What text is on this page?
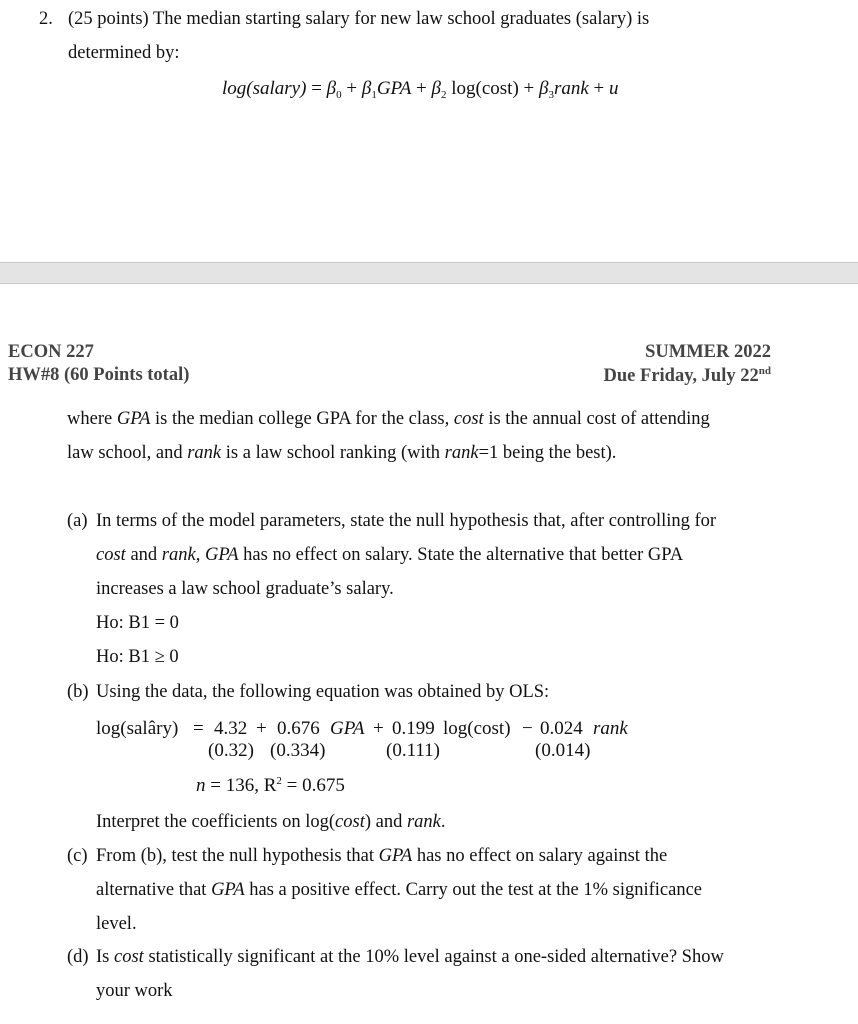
2. (25 points) The median starting salary for new law school graduates (salary) is
determined by:
log(salary) = $\beta_0 + \beta_1GPA + \beta_2$ $\log(\cos t) + \beta_3rank + u$
ECON 227
HW#8 (60 Points total)
SUMMER 2022
Due Friday, July 22nd
where GPA is the median college GPA for the class, cost is the annual cost of attending
law school, and rank is a law school ranking (with rank=1 being the best).
(a) In terms of the model parameters, state the null hypothesis that, after controlling for
cost and rank, GPA has no effect on salary. State the alternative that better GPA
increases a law school graduate’s salary.
Ho: B1 = 0
Ho: B1 ≥ 0
(b) Using the data, the following equation was obtained by OLS:
log(salâry) = 4.32 + 0.676 GPA + 0.199 log(cost) − 0.024 rank
(0.32) (0.334)	(0.111)	(0.014)
n = 136, $R^2 = 0.675$
Interpret the coefficients on log(cost) and rank.
(c) From (b), test the null hypothesis that GPA has no effect on salary against the
alternative that GPA has a positive effect. Carry out the test at the 1% significance
level.
(d) Is cost statistically significant at the 10% level against a one-sided alternative? Show
your work
